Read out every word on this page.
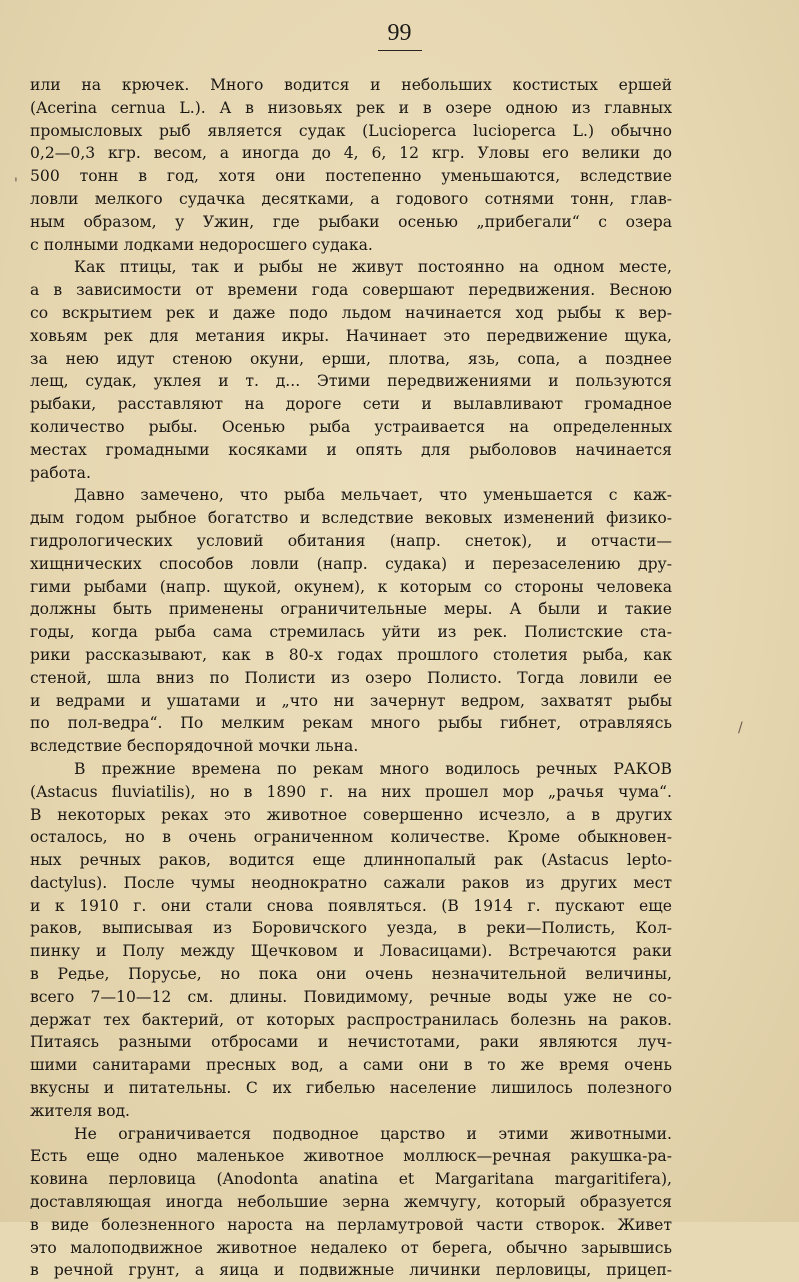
99
или на крючек. Много водится и небольших костистых ершей
(Acerina cernua L.). А в низовьях рек и в озере одною из главных
промысловых рыб является судак (Lucioperca lucioperca L.) обычно
0,2—0,3 кгр. весом, а иногда до 4, 6, 12 кгр. Уловы его велики до
500 тонн в год, хотя они постепенно уменьшаются, вследствие
ловли мелкого судачка десятками, а годового сотнями тонн, глав-
ным образом, у Ужин, где рыбаки осенью „прибегали“ с озера
с полными лодками недоросшего судака.
Как птицы, так и рыбы не живут постоянно на одном месте,
а в зависимости от времени года совершают передвижения. Весною
со вскрытием рек и даже подо льдом начинается ход рыбы к вер-
ховьям рек для метания икры. Начинает это передвижение щука,
за нею идут стеною окуни, ерши, плотва, язь, сопа, а позднее
лещ, судак, уклея и т. д... Этими передвижениями и пользуются
рыбаки, расставляют на дороге сети и вылавливают громадное
количество рыбы. Осенью рыба устраивается на определенных
местах громадными косяками и опять для рыболовов начинается
работа.
Давно замечено, что рыба мельчает, что уменьшается с каж-
дым годом рыбное богатство и вследствие вековых изменений физико-
гидрологических условий обитания (напр. снеток), и отчасти—
хищнических способов ловли (напр. судака) и перезаселению дру-
гими рыбами (напр. щукой, окунем), к которым со стороны человека
должны быть применены ограничительные меры. А были и такие
годы, когда рыба сама стремилась уйти из рек. Полистские ста-
рики рассказывают, как в 80-х годах прошлого столетия рыба, как
стеной, шла вниз по Полисти из озеро Полисто. Тогда ловили ее
и ведрами и ушатами и „что ни зачернут ведром, захватят рыбы
по пол-ведра“. По мелким рекам много рыбы гибнет, отравляясь
вследствие беспорядочной мочки льна.
В прежние времена по рекам много водилось речных РАКОВ
(Astacus fluviatilis), но в 1890 г. на них прошел мор „рачья чума“.
В некоторых реках это животное совершенно исчезло, а в других
осталось, но в очень ограниченном количестве. Кроме обыкновен-
ных речных раков, водится еще длиннопалый рак (Astacus lepto-
dactylus). После чумы неоднократно сажали раков из других мест
и к 1910 г. они стали снова появляться. (В 1914 г. пускают еще
раков, выписывая из Боровичского уезда, в реки—Полисть, Кол-
пинку и Полу между Щечковом и Ловасицами). Встречаются раки
в Редье, Порусье, но пока они очень незначительной величины,
всего 7—10—12 см. длины. Повидимому, речные воды уже не со-
держат тех бактерий, от которых распространилась болезнь на раков.
Питаясь разными отбросами и нечистотами, раки являются луч-
шими санитарами пресных вод, а сами они в то же время очень
вкусны и питательны. С их гибелью население лишилось полезного
жителя вод.
Не ограничивается подводное царство и этими животными.
Есть еще одно маленькое животное моллюск—речная ракушка-ра-
ковина перловица (Anodonta anatina et Margaritana margaritifera),
доставляющая иногда небольшие зерна жемчугу, который образуется
в виде болезненного нароста на перламутровой части створок. Живет
это малоподвижное животное недалеко от берега, обычно зарывшись
в речной грунт, а яица и подвижные личинки перловицы, прицеп-
'
/
